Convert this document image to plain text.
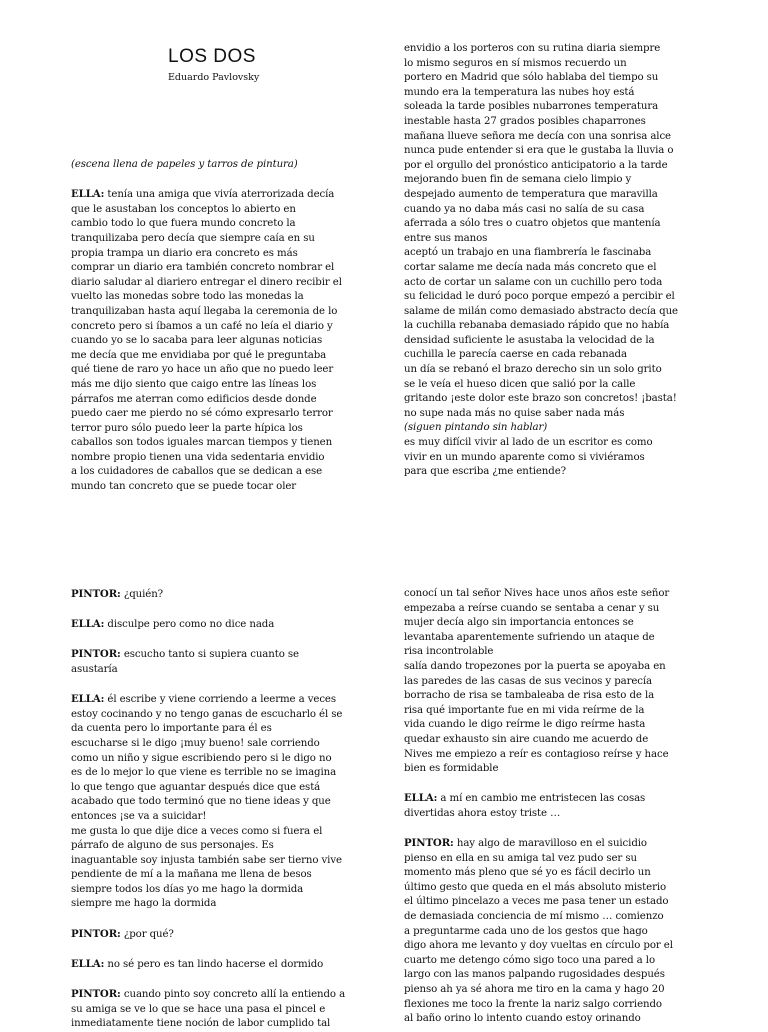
LOS DOS
Eduardo Pavlovsky

(escena llena de papeles y tarros de pintura)

ELLA: tenía una amiga que vivía aterrorizada decía
que le asustaban los conceptos lo abierto en
cambio todo lo que fuera mundo concreto la
tranquilizaba pero decía que siempre caía en su
propia trampa un diario era concreto es más
comprar un diario era también concreto nombrar el
diario saludar al diariero entregar el dinero recibir el
vuelto las monedas sobre todo las monedas la
tranquilizaban hasta aquí llegaba la ceremonia de lo
concreto pero si íbamos a un café no leía el diario y
cuando yo se lo sacaba para leer algunas noticias
me decía que me envidiaba por qué le preguntaba
qué tiene de raro yo hace un año que no puedo leer
más me dijo siento que caigo entre las líneas los
párrafos me aterran como edificios desde donde
puedo caer me pierdo no sé cómo expresarlo terror
terror puro sólo puedo leer la parte hípica los
caballos son todos iguales marcan tiempos y tienen
nombre propio tienen una vida sedentaria envidio
a los cuidadores de caballos que se dedican a ese
mundo tan concreto que se puede tocar oler

envidio a los porteros con su rutina diaria siempre
lo mismo seguros en sí mismos recuerdo un
portero en Madrid que sólo hablaba del tiempo su
mundo era la temperatura las nubes hoy está
soleada la tarde posibles nubarrones temperatura
inestable hasta 27 grados posibles chaparrones
mañana llueve señora me decía con una sonrisa alce
nunca pude entender si era que le gustaba la lluvia o
por el orgullo del pronóstico anticipatorio a la tarde
mejorando buen fin de semana cielo limpio y
despejado aumento de temperatura que maravilla
cuando ya no daba más casi no salía de su casa
aferrada a sólo tres o cuatro objetos que mantenía
entre sus manos
aceptó un trabajo en una fiambrería le fascinaba
cortar salame me decía nada más concreto que el
acto de cortar un salame con un cuchillo pero toda
su felicidad le duró poco porque empezó a percibir el
salame de milán como demasiado abstracto decía que
la cuchilla rebanaba demasiado rápido que no había
densidad suficiente le asustaba la velocidad de la
cuchilla le parecía caerse en cada rebanada
un día se rebanó el brazo derecho sin un solo grito
se le veía el hueso dicen que salió por la calle
gritando ¡este dolor este brazo son concretos! ¡basta!
no supe nada más no quise saber nada más

(siguen pintando sin hablar)

es muy difícil vivir al lado de un escritor es como
vivir en un mundo aparente como si viviéramos
para que escriba ¿me entiende?

PINTOR: ¿quién?

ELLA: disculpe pero como no dice nada

PINTOR: escucho tanto si supiera cuanto se
asustaría

ELLA: él escribe y viene corriendo a leerme a veces
estoy cocinando y no tengo ganas de escucharlo él se
da cuenta pero lo importante para él es
escucharse si le digo ¡muy bueno! sale corriendo
como un niño y sigue escribiendo pero si le digo no
es de lo mejor lo que viene es terrible no se imagina
lo que tengo que aguantar después dice que está
acabado que todo terminó que no tiene ideas y que
entonces ¡se va a suicidar!
me gusta lo que dije dice a veces como si fuera el
párrafo de alguno de sus personajes. Es
inaguantable soy injusta también sabe ser tierno vive
pendiente de mí a la mañana me llena de besos
siempre todos los días yo me hago la dormida
siempre me hago la dormida

PINTOR: ¿por qué?

ELLA: no sé pero es tan lindo hacerse el dormido

PINTOR: cuando pinto soy concreto allí la entiendo a
su amiga se ve lo que se hace una pasa el pincel e
inmediatamente tiene noción de labor cumplido tal

conocí un tal señor Nives hace unos años este señor
empezaba a reírse cuando se sentaba a cenar y su
mujer decía algo sin importancia entonces se
levantaba aparentemente sufriendo un ataque de
risa incontrolable
salía dando tropezones por la puerta se apoyaba en
las paredes de las casas de sus vecinos y parecía
borracho de risa se tambaleaba de risa esto de la
risa qué importante fue en mi vida reírme de la
vida cuando le digo reírme le digo reírme hasta
quedar exhausto sin aire cuando me acuerdo de
Nives me empiezo a reír es contagioso reírse y hace
bien es formidable

ELLA: a mí en cambio me entristecen las cosas
divertidas ahora estoy triste …

PINTOR: hay algo de maravilloso en el suicidio
pienso en ella en su amiga tal vez pudo ser su
momento más pleno que sé yo es fácil decirlo un
último gesto que queda en el más absoluto misterio
el último pincelazo a veces me pasa tener un estado
de demasiada conciencia de mí mismo … comienzo
a preguntarme cada uno de los gestos que hago
digo ahora me levanto y doy vueltas en círculo por el
cuarto me detengo cómo sigo toco una pared a lo
largo con las manos palpando rugosidades después
pienso ah ya sé ahora me tiro en la cama y hago 20
flexiones me toco la frente la nariz salgo corriendo
al baño orino lo intento cuando estoy orinando
